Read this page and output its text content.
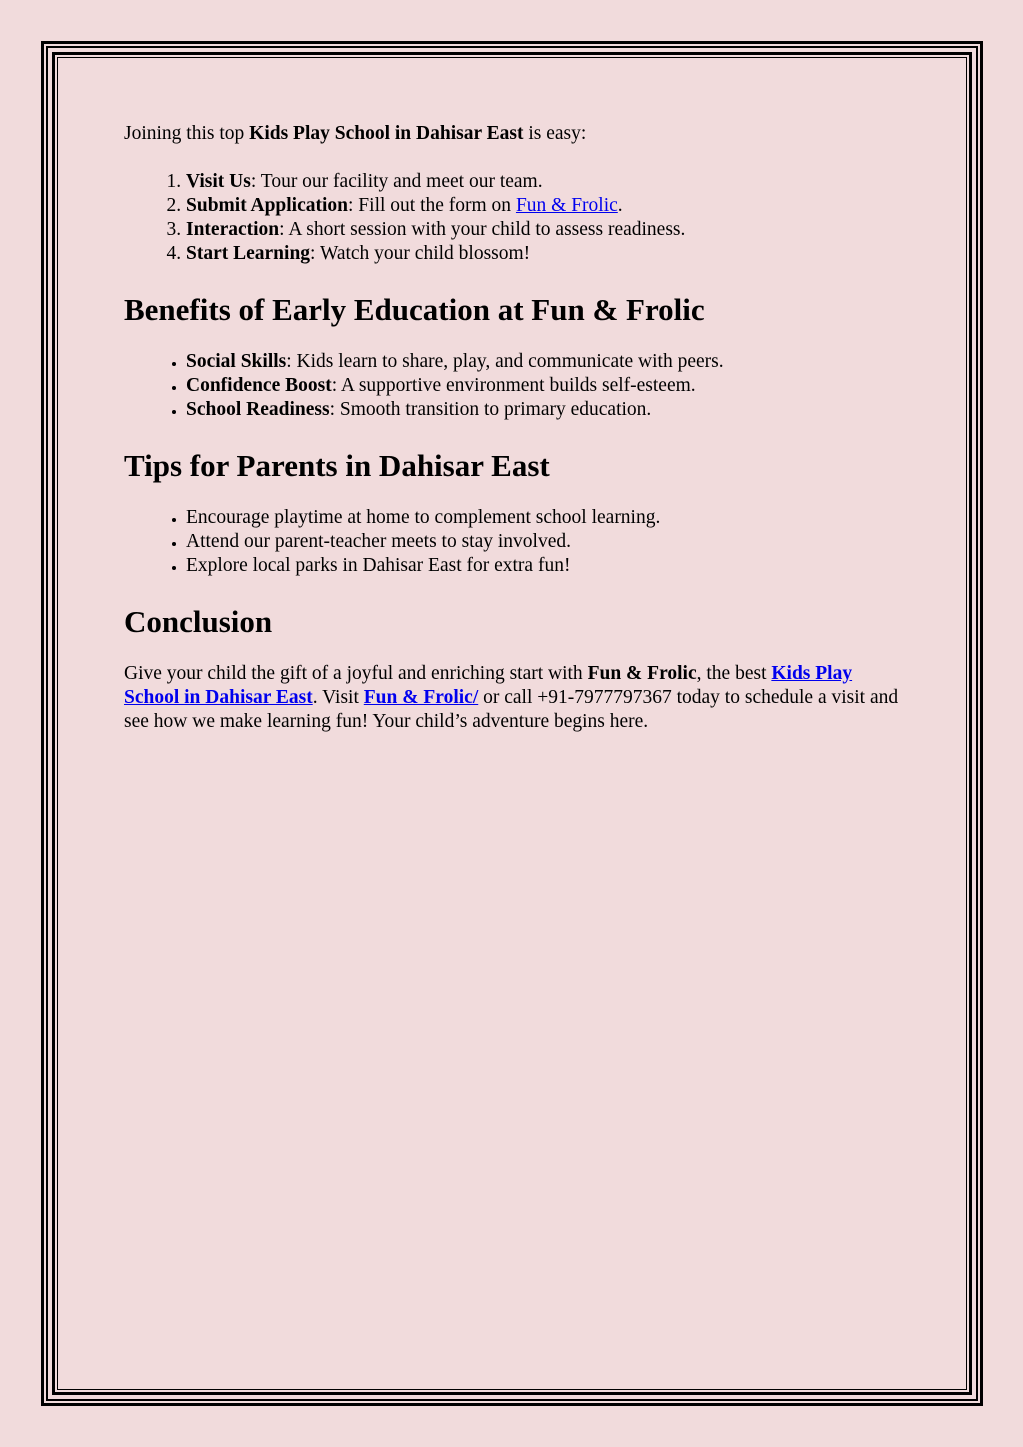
Joining this top Kids Play School in Dahisar East is easy:

1. Visit Us: Tour our facility and meet our team.
2. Submit Application: Fill out the form on Fun & Frolic.
3. Interaction: A short session with your child to assess readiness.
4. Start Learning: Watch your child blossom!
Benefits of Early Education at Fun & Frolic
• Social Skills: Kids learn to share, play, and communicate with peers.
• Confidence Boost: A supportive environment builds self-esteem.
• School Readiness: Smooth transition to primary education.
Tips for Parents in Dahisar East
• Encourage playtime at home to complement school learning.
• Attend our parent-teacher meets to stay involved.
• Explore local parks in Dahisar East for extra fun!
Conclusion

Give your child the gift of a joyful and enriching start with Fun & Frolic, the best Kids Play School in Dahisar East. Visit Fun & Frolic/ or call +91-7977797367 today to schedule a visit and see how we make learning fun! Your child’s adventure begins here.
